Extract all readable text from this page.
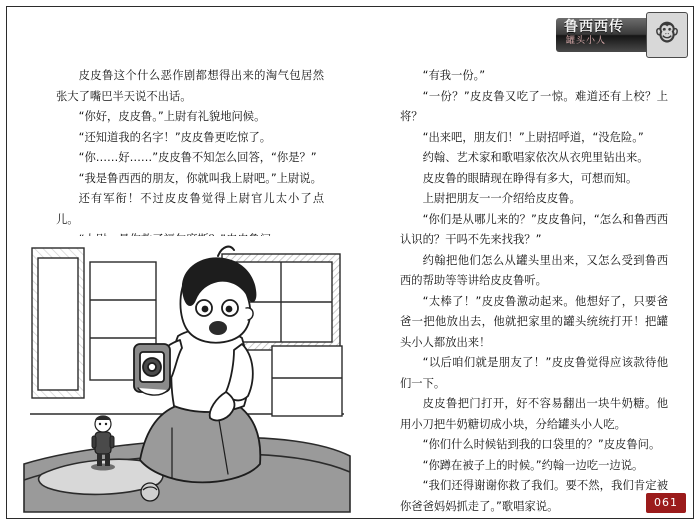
鲁西西传
罐头小人 🐵

皮皮鲁这个什么恶作剧都想得出来的淘气包居然张大了嘴巴半天说不出话。

“你好，皮皮鲁。”上尉有礼貌地问候。

“还知道我的名字！”皮皮鲁更吃惊了。

“你……好……”皮皮鲁不知怎么回答，“你是？”

“我是鲁西西的朋友，你就叫我上尉吧。”上尉说。

还有军衔！不过皮皮鲁觉得上尉官儿太小了点儿。

“有我一份。”

“一份？”皮皮鲁又吃了一惊。难道还有上校？上将？

“出来吧，朋友们！”上尉招呼道，“没危险。”

约翰、艺术家和歌唱家依次从衣兜里钻出来。

皮皮鲁的眼睛现在睁得有多大，可想而知。

上尉把朋友一一介绍给皮皮鲁。

“你们是从哪儿来的？”皮皮鲁问，“怎么和鲁西西认识的？干吗不先来找我？”

约翰把他们怎么从罐头里出来，又怎么受到鲁西西的帮助等等讲给皮皮鲁听。

“太棒了！”皮皮鲁激动起来。他想好了，只要爸爸一把他放出去，他就把家里的罐头统统打开！把罐头小人都放出来！

“以后咱们就是朋友了！”皮皮鲁觉得应该款待他们一下。

皮皮鲁把门打开，好不容易翻出一块牛奶糖。他用小刀把牛奶糖切成小块，分给罐头小人吃。

“你们什么时候钻到我的口袋里的？”皮皮鲁问。

“你蹲在被子上的时候。”约翰一边吃一边说。

“我们还得谢谢你救了我们。要不然，我们肯定被你爸爸妈妈抓走了。”歌唱家说。	061
